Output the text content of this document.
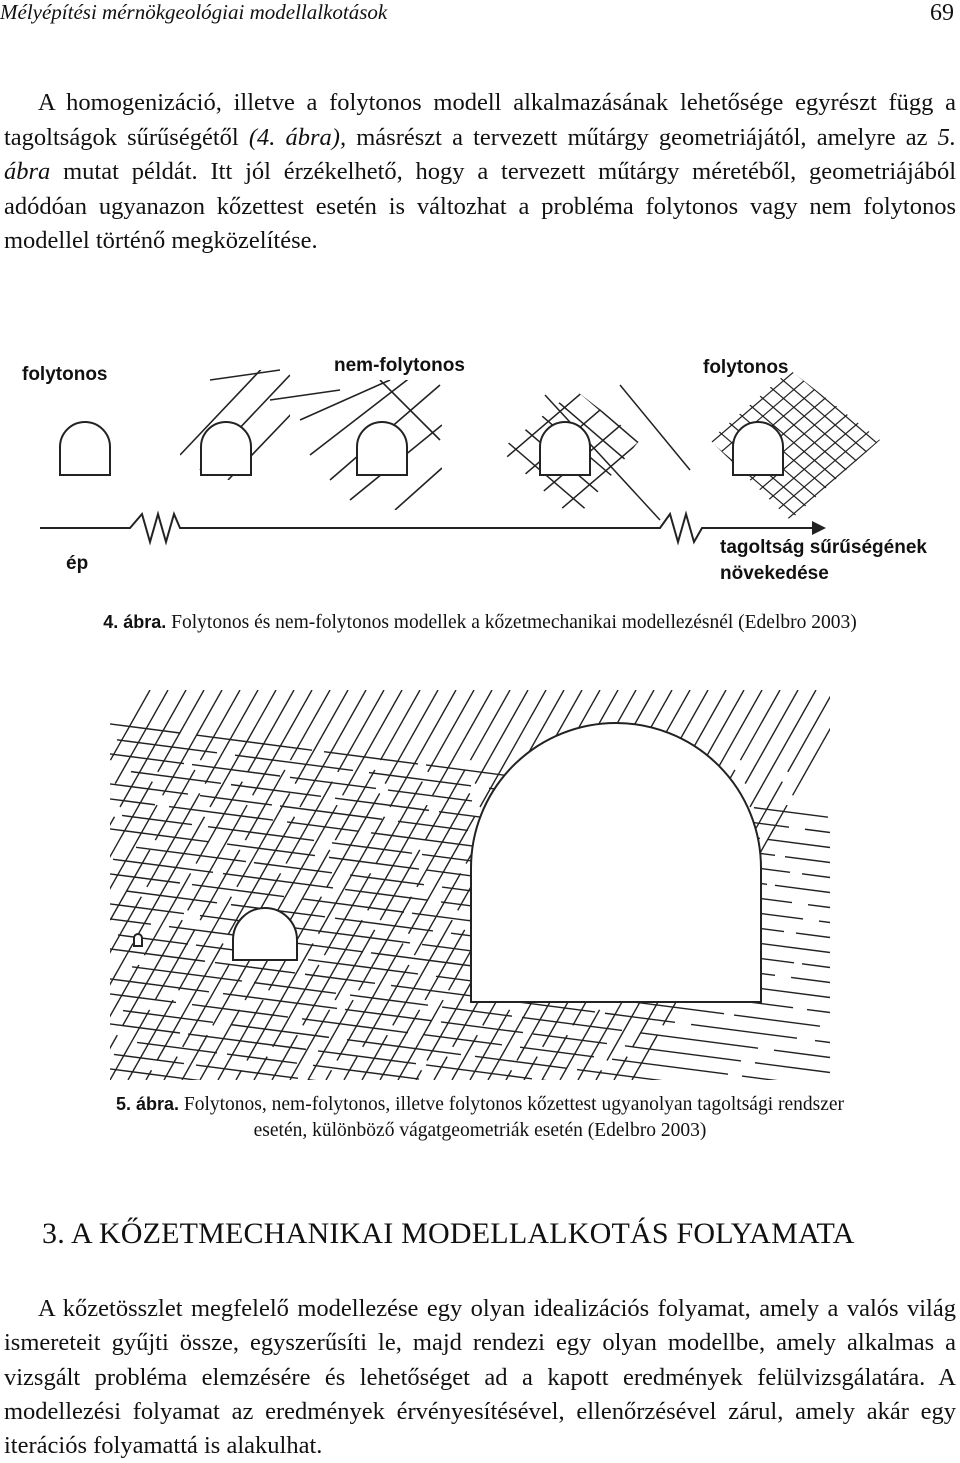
Mélyépítési mérnökgeológiai modellalkotások	69

A homogenizáció, illetve a folytonos modell alkalmazásának lehetősége egyrészt függ a tagoltságok sűrűségétől (4. ábra), másrészt a tervezett műtárgy geometriájától, amelyre az 5. ábra mutat példát. Itt jól érzékelhető, hogy a tervezett műtárgy méretéből, geometriájából adódóan ugyanazon kőzettest esetén is változhat a probléma folytonos vagy nem folytonos modellel történő megközelítése.

folytonos	nem-folytonos	folytonos
ép
tagoltság sűrűségének
növekedése
4. ábra. Folytonos és nem-folytonos modellek a kőzetmechanikai modellezésnél (Edelbro 2003)
5. ábra. Folytonos, nem-folytonos, illetve folytonos kőzettest ugyanolyan tagoltsági rendszer
esetén, különböző vágatgeometriák esetén (Edelbro 2003)
3. A KŐZETMECHANIKAI MODELLALKOTÁS FOLYAMATA
A kőzetösszlet megfelelő modellezése egy olyan idealizációs folyamat, amely a valós világ ismereteit gyűjti össze, egyszerűsíti le, majd rendezi egy olyan modellbe, amely alkalmas a vizsgált probléma elemzésére és lehetőséget ad a kapott eredmények felülvizsgálatára. A modellezési folyamat az eredmények érvényesítésével, ellenőrzésével zárul, amely akár egy iterációs folyamattá is alakulhat.
